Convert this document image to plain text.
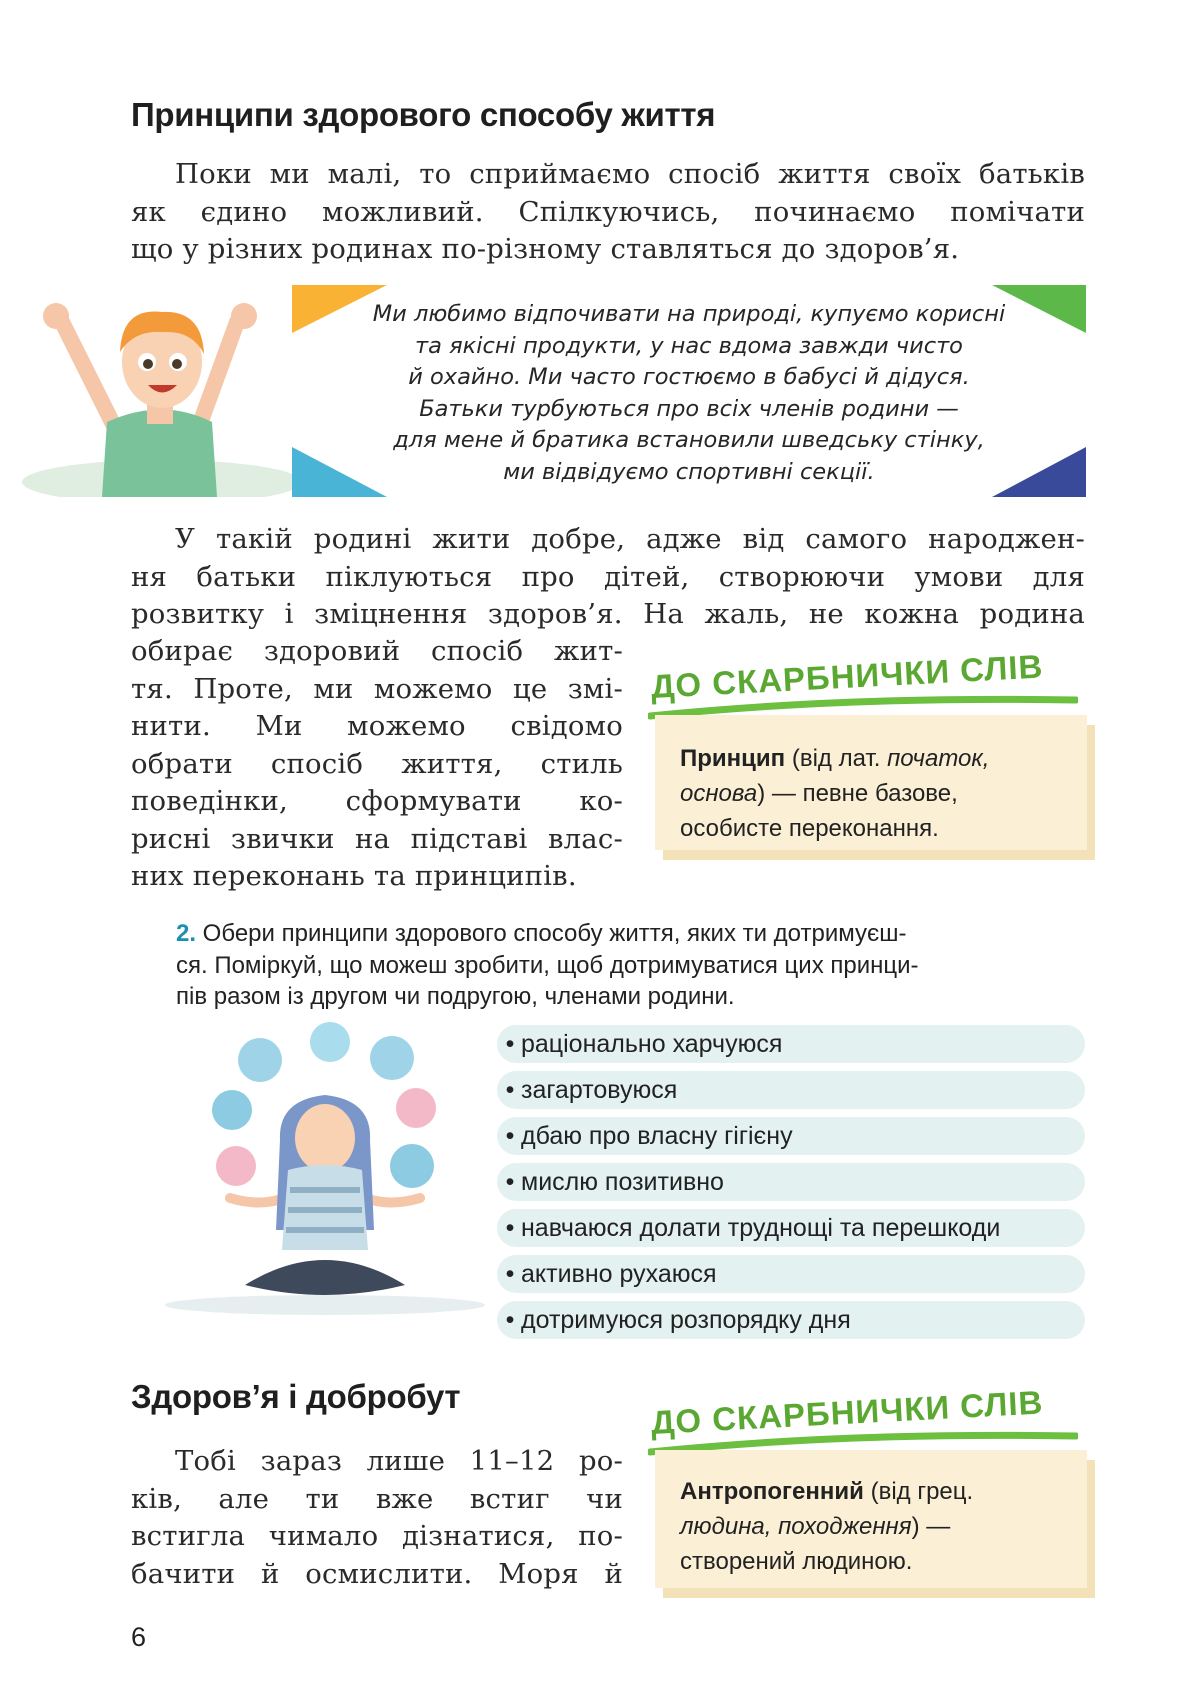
Принципи здорового способу життя
Поки ми малі, то сприймаємо спосіб життя своїх батьків
як єдино можливий. Спілкуючись, починаємо помічати
що у різних родинах по-різному ставляться до здоров’я.
Ми любимо відпочивати на природі, купуємо корисні
та якісні продукти, у нас вдома завжди чисто
й охайно. Ми часто гостюємо в бабусі й дідуся.
Батьки турбуються про всіх членів родини —
для мене й братика встановили шведську стінку,
ми відвідуємо спортивні секції.
У такій родині жити добре, адже від самого народжен-
ня батьки піклуються про дітей, створюючи умови для
розвитку і зміцнення здоров’я. На жаль, не кожна родина
обирає здоровий спосіб жит-
тя. Проте, ми можемо це змі-
нити. Ми можемо свідомо
обрати спосіб життя, стиль
поведінки, сформувати ко-
рисні звички на підставі влас-
них переконань та принципів.
ДО СКАРБНИЧКИ СЛІВ
Принцип (від лат. початок,
основа) — певне базове,
особисте переконання.
2. Обери принципи здорового способу життя, яких ти дотримуєш-
ся. Поміркуй, що можеш зробити, щоб дотримуватися цих принци-
пів разом із другом чи подругою, членами родини.
• раціонально харчуюся
• загартовуюся
• дбаю про власну гігієну
• мислю позитивно
• навчаюся долати труднощі та перешкоди
• активно рухаюся
• дотримуюся розпорядку дня
Здоров’я і добробут
Тобі зараз лише 11–12 ро-
ків, але ти вже встиг чи
встигла чимало дізнатися, по-
бачити й осмислити. Моря й
ДО СКАРБНИЧКИ СЛІВ
Антропогенний (від грец.
людина, походження) —
створений людиною.
6
